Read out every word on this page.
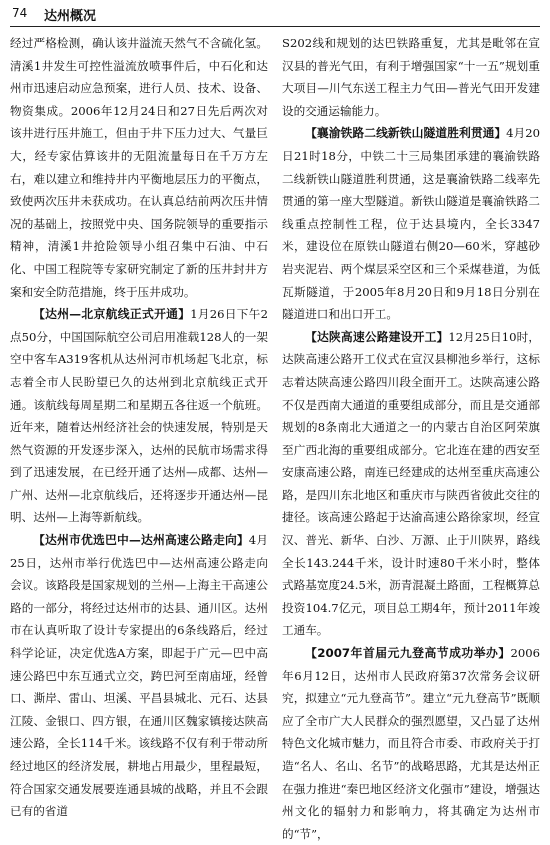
74 达州概况

经过严格检测，确认该井溢流天然气不含硫化氢。清溪1井发生可控性溢流放喷事件后，中石化和达州市迅速启动应急预案，进行人员、技术、设备、物资集成。2006年12月24日和27日先后两次对该井进行压井施工，但由于井下压力过大、气量巨大，经专家估算该井的无阻流量每日在千万方左右，难以建立和维持井内平衡地层压力的平衡点，致使两次压井未获成功。在认真总结前两次压井情况的基础上，按照党中央、国务院领导的重要指示精神，清溪1井抢险领导小组召集中石油、中石化、中国工程院等专家研究制定了新的压井封井方案和安全防范措施，终于压井成功。

【达州—北京航线正式开通】1月26日下午2点50分，中国国际航空公司启用准载128人的一架空中客车A319客机从达州河市机场起飞北京，标志着全市人民盼望已久的达州到北京航线正式开通。该航线每周星期二和星期五各往返一个航班。近年来，随着达州经济社会的快速发展，特别是天然气资源的开发逐步深入，达州的民航市场需求得到了迅速发展，在已经开通了达州—成都、达州—广州、达州—北京航线后，还将逐步开通达州—昆明、达州—上海等新航线。

【达州市优选巴中—达州高速公路走向】4月25日，达州市举行优选巴中—达州高速公路走向会议。该路段是国家规划的兰州—上海主干高速公路的一部分，将经过达州市的达县、通川区。达州市在认真听取了设计专家提出的6条线路后，经过科学论证，决定优选A方案，即起于广元—巴中高速公路巴中东互通式立交，跨巴河至南庙垭，经曾口、澌岸、雷山、坦溪、平昌县城北、元石、达县江陵、金银口、四方银，在通川区魏家镇接达陕高速公路，全长114千米。该线路不仅有利于带动所经过地区的经济发展，耕地占用最少，里程最短，符合国家交通发展要连通县城的战略，并且不会跟已有的省道

S202线和规划的达巴铁路重复，尤其是毗邻在宣汉县的普光气田，有利于增强国家“十一五”规划重大项目—川气东送工程主力气田—普光气田开发建设的交通运输能力。

【襄渝铁路二线新铁山隧道胜利贯通】4月20日21时18分，中铁二十三局集团承建的襄渝铁路二线新铁山隧道胜利贯通，这是襄渝铁路二线率先贯通的第一座大型隧道。新铁山隧道是襄渝铁路二线重点控制性工程，位于达县境内，全长3347米，建设位在原铁山隧道右侧20—60米，穿越砂岩夹泥岩、两个煤层采空区和三个采煤巷道，为低瓦斯隧道，于2005年8月20日和9月18日分别在隧道进口和出口开工。

【达陕高速公路建设开工】12月25日10时，达陕高速公路开工仪式在宣汉县柳池乡举行，这标志着达陕高速公路四川段全面开工。达陕高速公路不仅是西南大通道的重要组成部分，而且是交通部规划的8条南北大通道之一的内蒙古自治区阿荣旗至广西北海的重要组成部分。它北连在建的西安至安康高速公路，南连已经建成的达州至重庆高速公路，是四川东北地区和重庆市与陕西省彼此交往的捷径。该高速公路起于达渝高速公路徐家坝，经宣汉、普光、新华、白沙、万源、止于川陕界，路线全长143.244千米，设计时速80千米小时，整体式路基宽度24.5米，沥青混凝土路面，工程概算总投资104.7亿元，项目总工期4年，预计2011年竣工通车。

【2007年首届元九登高节成功举办】2006年6月12日，达州市人民政府第37次常务会议研究，拟建立“元九登高节”。建立“元九登高节”既顺应了全市广大人民群众的强烈愿望，又凸显了达州特色文化城市魅力，而且符合市委、市政府关于打造“名人、名山、名节”的战略思路，尤其是达州正在强力推进“秦巴地区经济文化强市”建设，增强达州文化的辐射力和影响力，将其确定为达州市的“节”，
